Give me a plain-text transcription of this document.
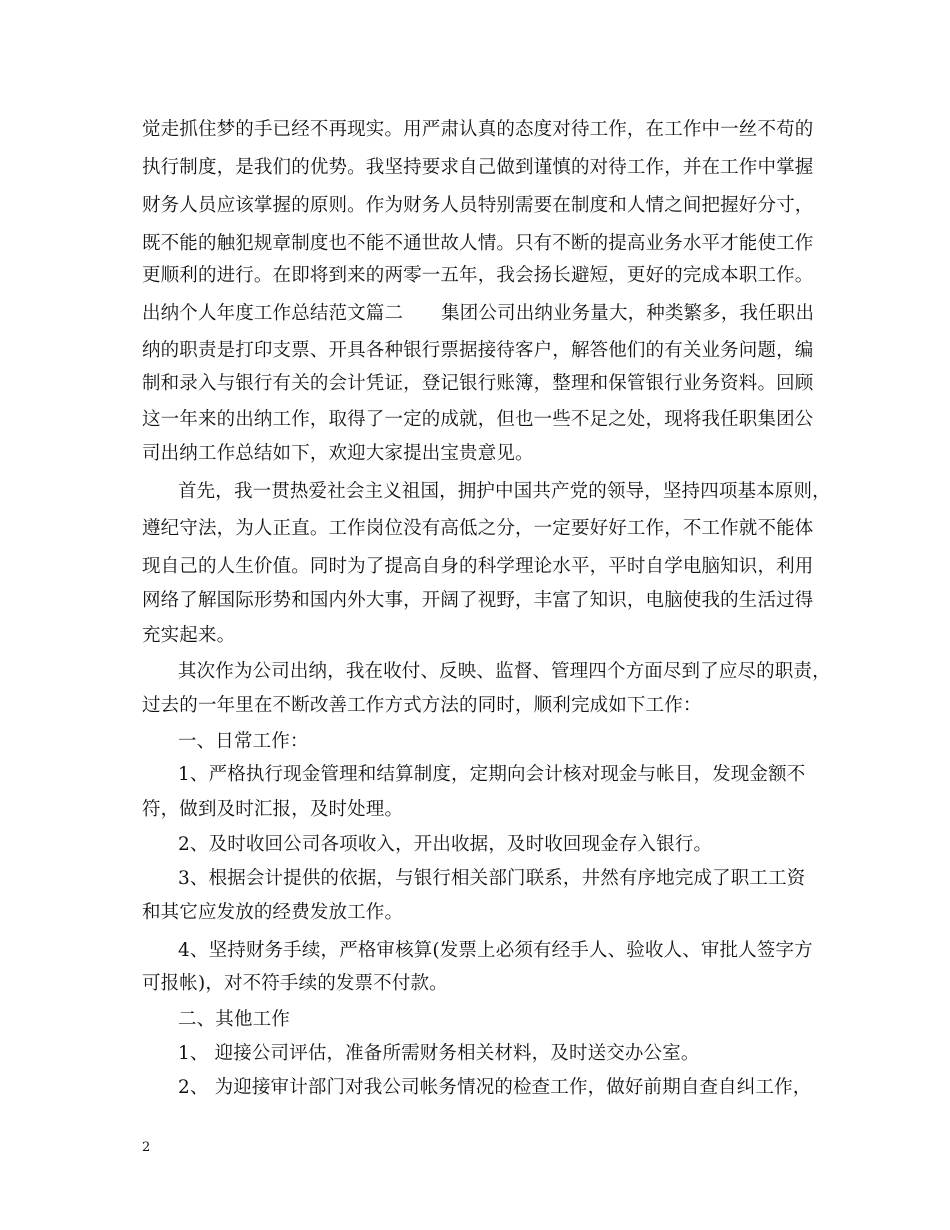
觉走抓住梦的手已经不再现实。用严肃认真的态度对待工作，在工作中一丝不苟的
执行制度，是我们的优势。我坚持要求自己做到谨慎的对待工作，并在工作中掌握
财务人员应该掌握的原则。作为财务人员特别需要在制度和人情之间把握好分寸，
既不能的触犯规章制度也不能不通世故人情。只有不断的提高业务水平才能使工作
更顺利的进行。在即将到来的两零一五年，我会扬长避短，更好的完成本职工作。
出纳个人年度工作总结范文篇二 集团公司出纳业务量大，种类繁多，我任职出
纳的职责是打印支票、开具各种银行票据接待客户，解答他们的有关业务问题，编
制和录入与银行有关的会计凭证，登记银行账簿，整理和保管银行业务资料。回顾
这一年来的出纳工作，取得了一定的成就，但也一些不足之处，现将我任职集团公
司出纳工作总结如下，欢迎大家提出宝贵意见。
首先，我一贯热爱社会主义祖国，拥护中国共产党的领导，坚持四项基本原则，
遵纪守法，为人正直。工作岗位没有高低之分，一定要好好工作，不工作就不能体
现自己的人生价值。同时为了提高自身的科学理论水平，平时自学电脑知识，利用
网络了解国际形势和国内外大事，开阔了视野，丰富了知识，电脑使我的生活过得
充实起来。
其次作为公司出纳，我在收付、反映、监督、管理四个方面尽到了应尽的职责，
过去的一年里在不断改善工作方式方法的同时，顺利完成如下工作：
一、日常工作：
1、严格执行现金管理和结算制度，定期向会计核对现金与帐目，发现金额不
符，做到及时汇报，及时处理。
2、及时收回公司各项收入，开出收据，及时收回现金存入银行。
3、根据会计提供的依据，与银行相关部门联系，井然有序地完成了职工工资
和其它应发放的经费发放工作。
4、坚持财务手续，严格审核算(发票上必须有经手人、验收人、审批人签字方
可报帐)，对不符手续的发票不付款。
二、其他工作
1、 迎接公司评估，准备所需财务相关材料，及时送交办公室。
2、 为迎接审计部门对我公司帐务情况的检查工作，做好前期自查自纠工作，
2
